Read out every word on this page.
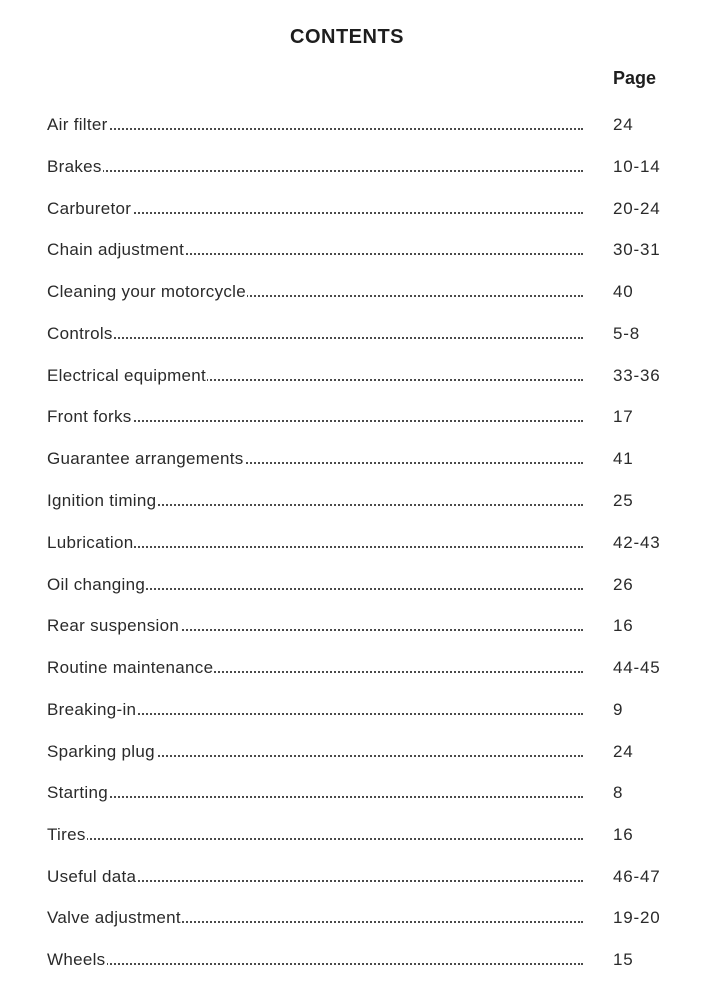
CONTENTS
Page
Air filter	24
Brakes	10-14
Carburetor	20-24
Chain adjustment	30-31
Cleaning your motorcycle	40
Controls	5-8
Electrical equipment	33-36
Front forks	17
Guarantee arrangements	41
Ignition timing	25
Lubrication	42-43
Oil changing	26
Rear suspension	16
Routine maintenance	44-45
Breaking-in	9
Sparking plug	24
Starting	8
Tires	16
Useful data	46-47
Valve adjustment	19-20
Wheels	15
